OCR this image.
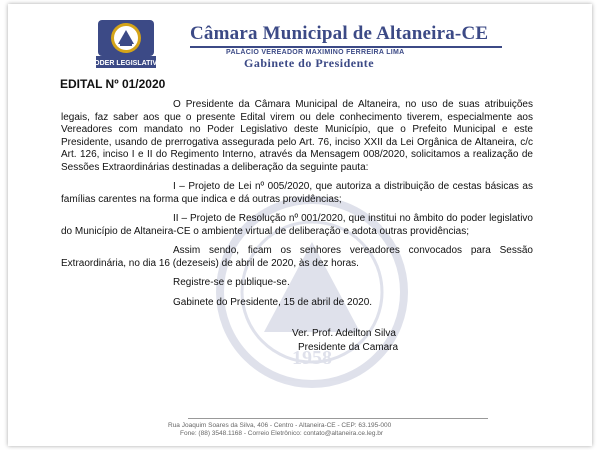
PODER LEGISLATIVO
Câmara Municipal de Altaneira-CE
PALÁCIO VEREADOR MAXIMINO FERREIRA LIMA
Gabinete do Presidente
1958
EDITAL Nº 01/2020

O Presidente da Câmara Municipal de Altaneira, no uso de suas atribuições legais, faz saber aos que o presente Edital virem ou dele conhecimento tiverem, especialmente aos Vereadores com mandato no Poder Legislativo deste Município, que o Prefeito Municipal e este Presidente, usando de prerrogativa assegurada pelo Art. 76, inciso XXII da Lei Orgânica de Altaneira, c/c Art. 126, inciso I e II do Regimento Interno, através da Mensagem 008/2020, solicitamos a realização de Sessões Extraordinárias destinadas a deliberação da seguinte pauta:

I – Projeto de Lei nº 005/2020, que autoriza a distribuição de cestas básicas as famílias carentes na forma que indica e dá outras providências;

II – Projeto de Resolução nº 001/2020, que institui no âmbito do poder legislativo do Município de Altaneira-CE o ambiente virtual de deliberação e adota outras providências;

Assim sendo, ficam os senhores vereadores convocados para Sessão Extraordinária, no dia 16 (dezeseis) de abril de 2020, às dez horas.

Registre-se e publique-se.

Gabinete do Presidente, 15 de abril de 2020.
Ver. Prof. Adeilton Silva
Presidente da Camara
Rua Joaquim Soares da Silva, 406 - Centro - Altaneira-CE - CEP: 63.195-000
Fone: (88) 3548.1168 - Correio Eletrônico: contato@altaneira.ce.leg.br
